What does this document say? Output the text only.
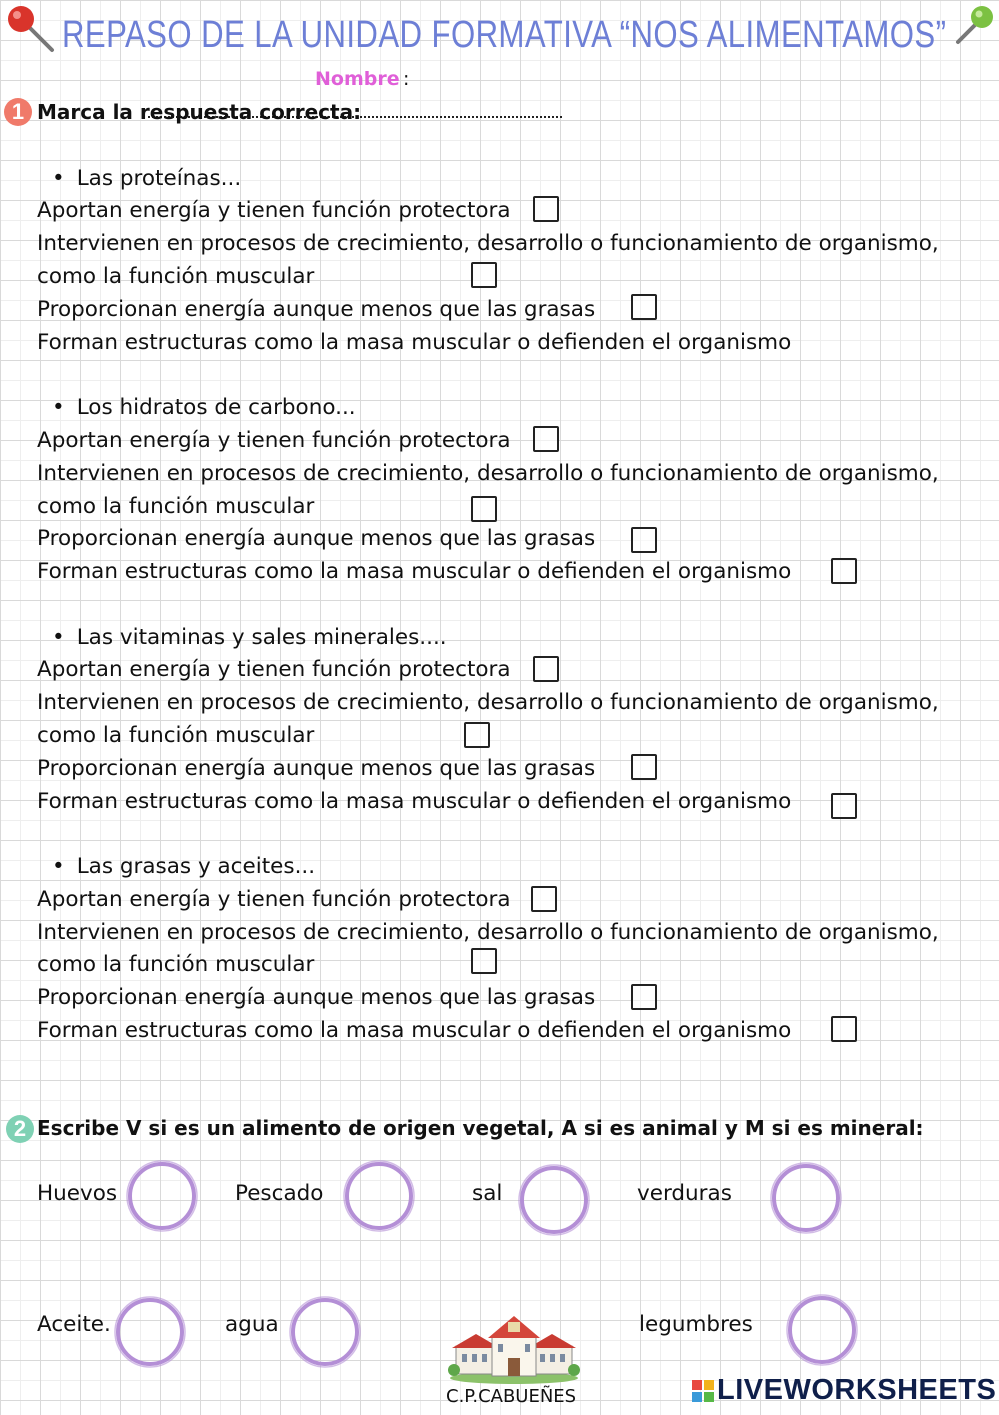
REPASO DE LA UNIDAD FORMATIVA “NOS ALIMENTAMOS”
Nombre :
1 Marca la respuesta correcta:
• Las proteínas...
Aportan energía y tienen función protectora
Intervienen en procesos de crecimiento, desarrollo o funcionamiento de organismo,
como la función muscular
Proporcionan energía aunque menos que las grasas
Forman estructuras como la masa muscular o defienden el organismo
• Los hidratos de carbono...
Aportan energía y tienen función protectora
Intervienen en procesos de crecimiento, desarrollo o funcionamiento de organismo,
como la función muscular
Proporcionan energía aunque menos que las grasas
Forman estructuras como la masa muscular o defienden el organismo
• Las vitaminas y sales minerales....
Aportan energía y tienen función protectora
Intervienen en procesos de crecimiento, desarrollo o funcionamiento de organismo,
como la función muscular
Proporcionan energía aunque menos que las grasas
Forman estructuras como la masa muscular o defienden el organismo
• Las grasas y aceites...
Aportan energía y tienen función protectora
Intervienen en procesos de crecimiento, desarrollo o funcionamiento de organismo,
como la función muscular
Proporcionan energía aunque menos que las grasas
Forman estructuras como la masa muscular o defienden el organismo
2 Escribe V si es un alimento de origen vegetal, A si es animal y M si es mineral:
Huevos	Pescado	sal	verduras
Aceite.	agua	legumbres
C.P.CABUEÑES	LIVEWORKSHEETS
